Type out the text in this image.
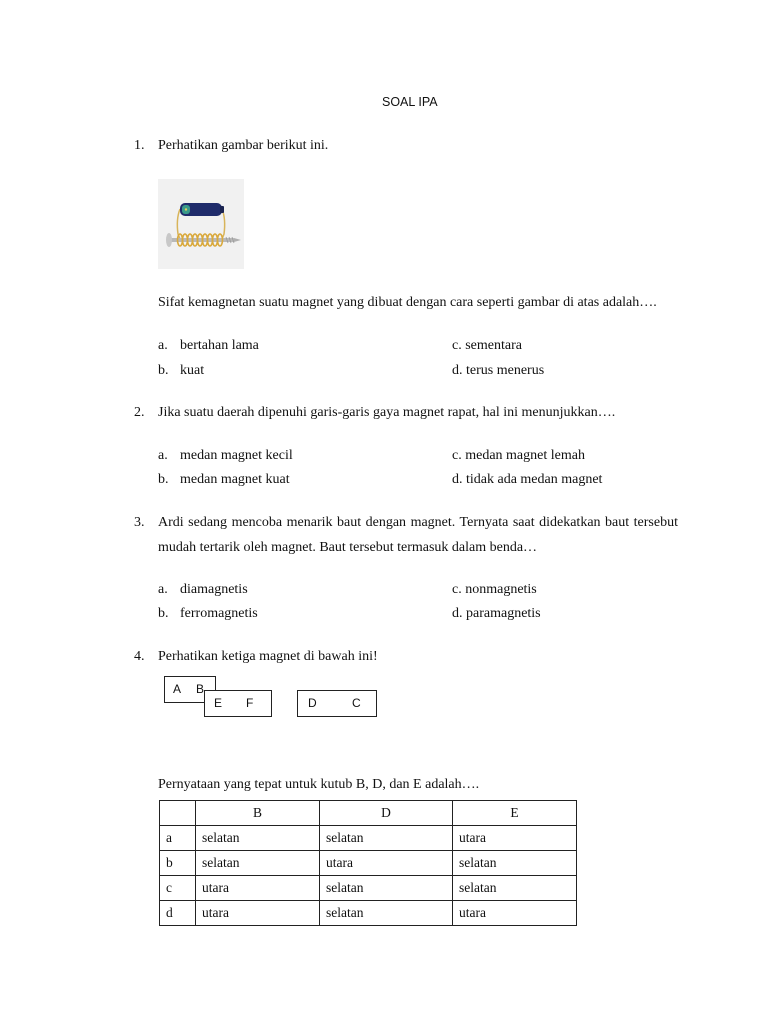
SOAL IPA
1. Perhatikan gambar berikut ini.
Sifat kemagnetan suatu magnet yang dibuat dengan cara seperti gambar di atas adalah….
a. bertahan lama
b. kuat
c. sementara
d. terus menerus
2. Jika suatu daerah dipenuhi garis-garis gaya magnet rapat, hal ini menunjukkan….
a. medan magnet kecil
b. medan magnet kuat
c. medan magnet lemah
d. tidak ada medan magnet
3. Ardi sedang mencoba menarik baut dengan magnet. Ternyata saat didekatkan baut tersebut
mudah tertarik oleh magnet. Baut tersebut termasuk dalam benda…
a. diamagnetis
b. ferromagnetis
c. nonmagnetis
d. paramagnetis
4. Perhatikan ketiga magnet di bawah ini!
A B
E F	D	C
Pernyataan yang tepat untuk kutub B, D, dan E adalah….
	B	D	E
a	selatan	selatan	utara
b	selatan	utara	selatan
c	utara	selatan	selatan
d	utara	selatan	utara
